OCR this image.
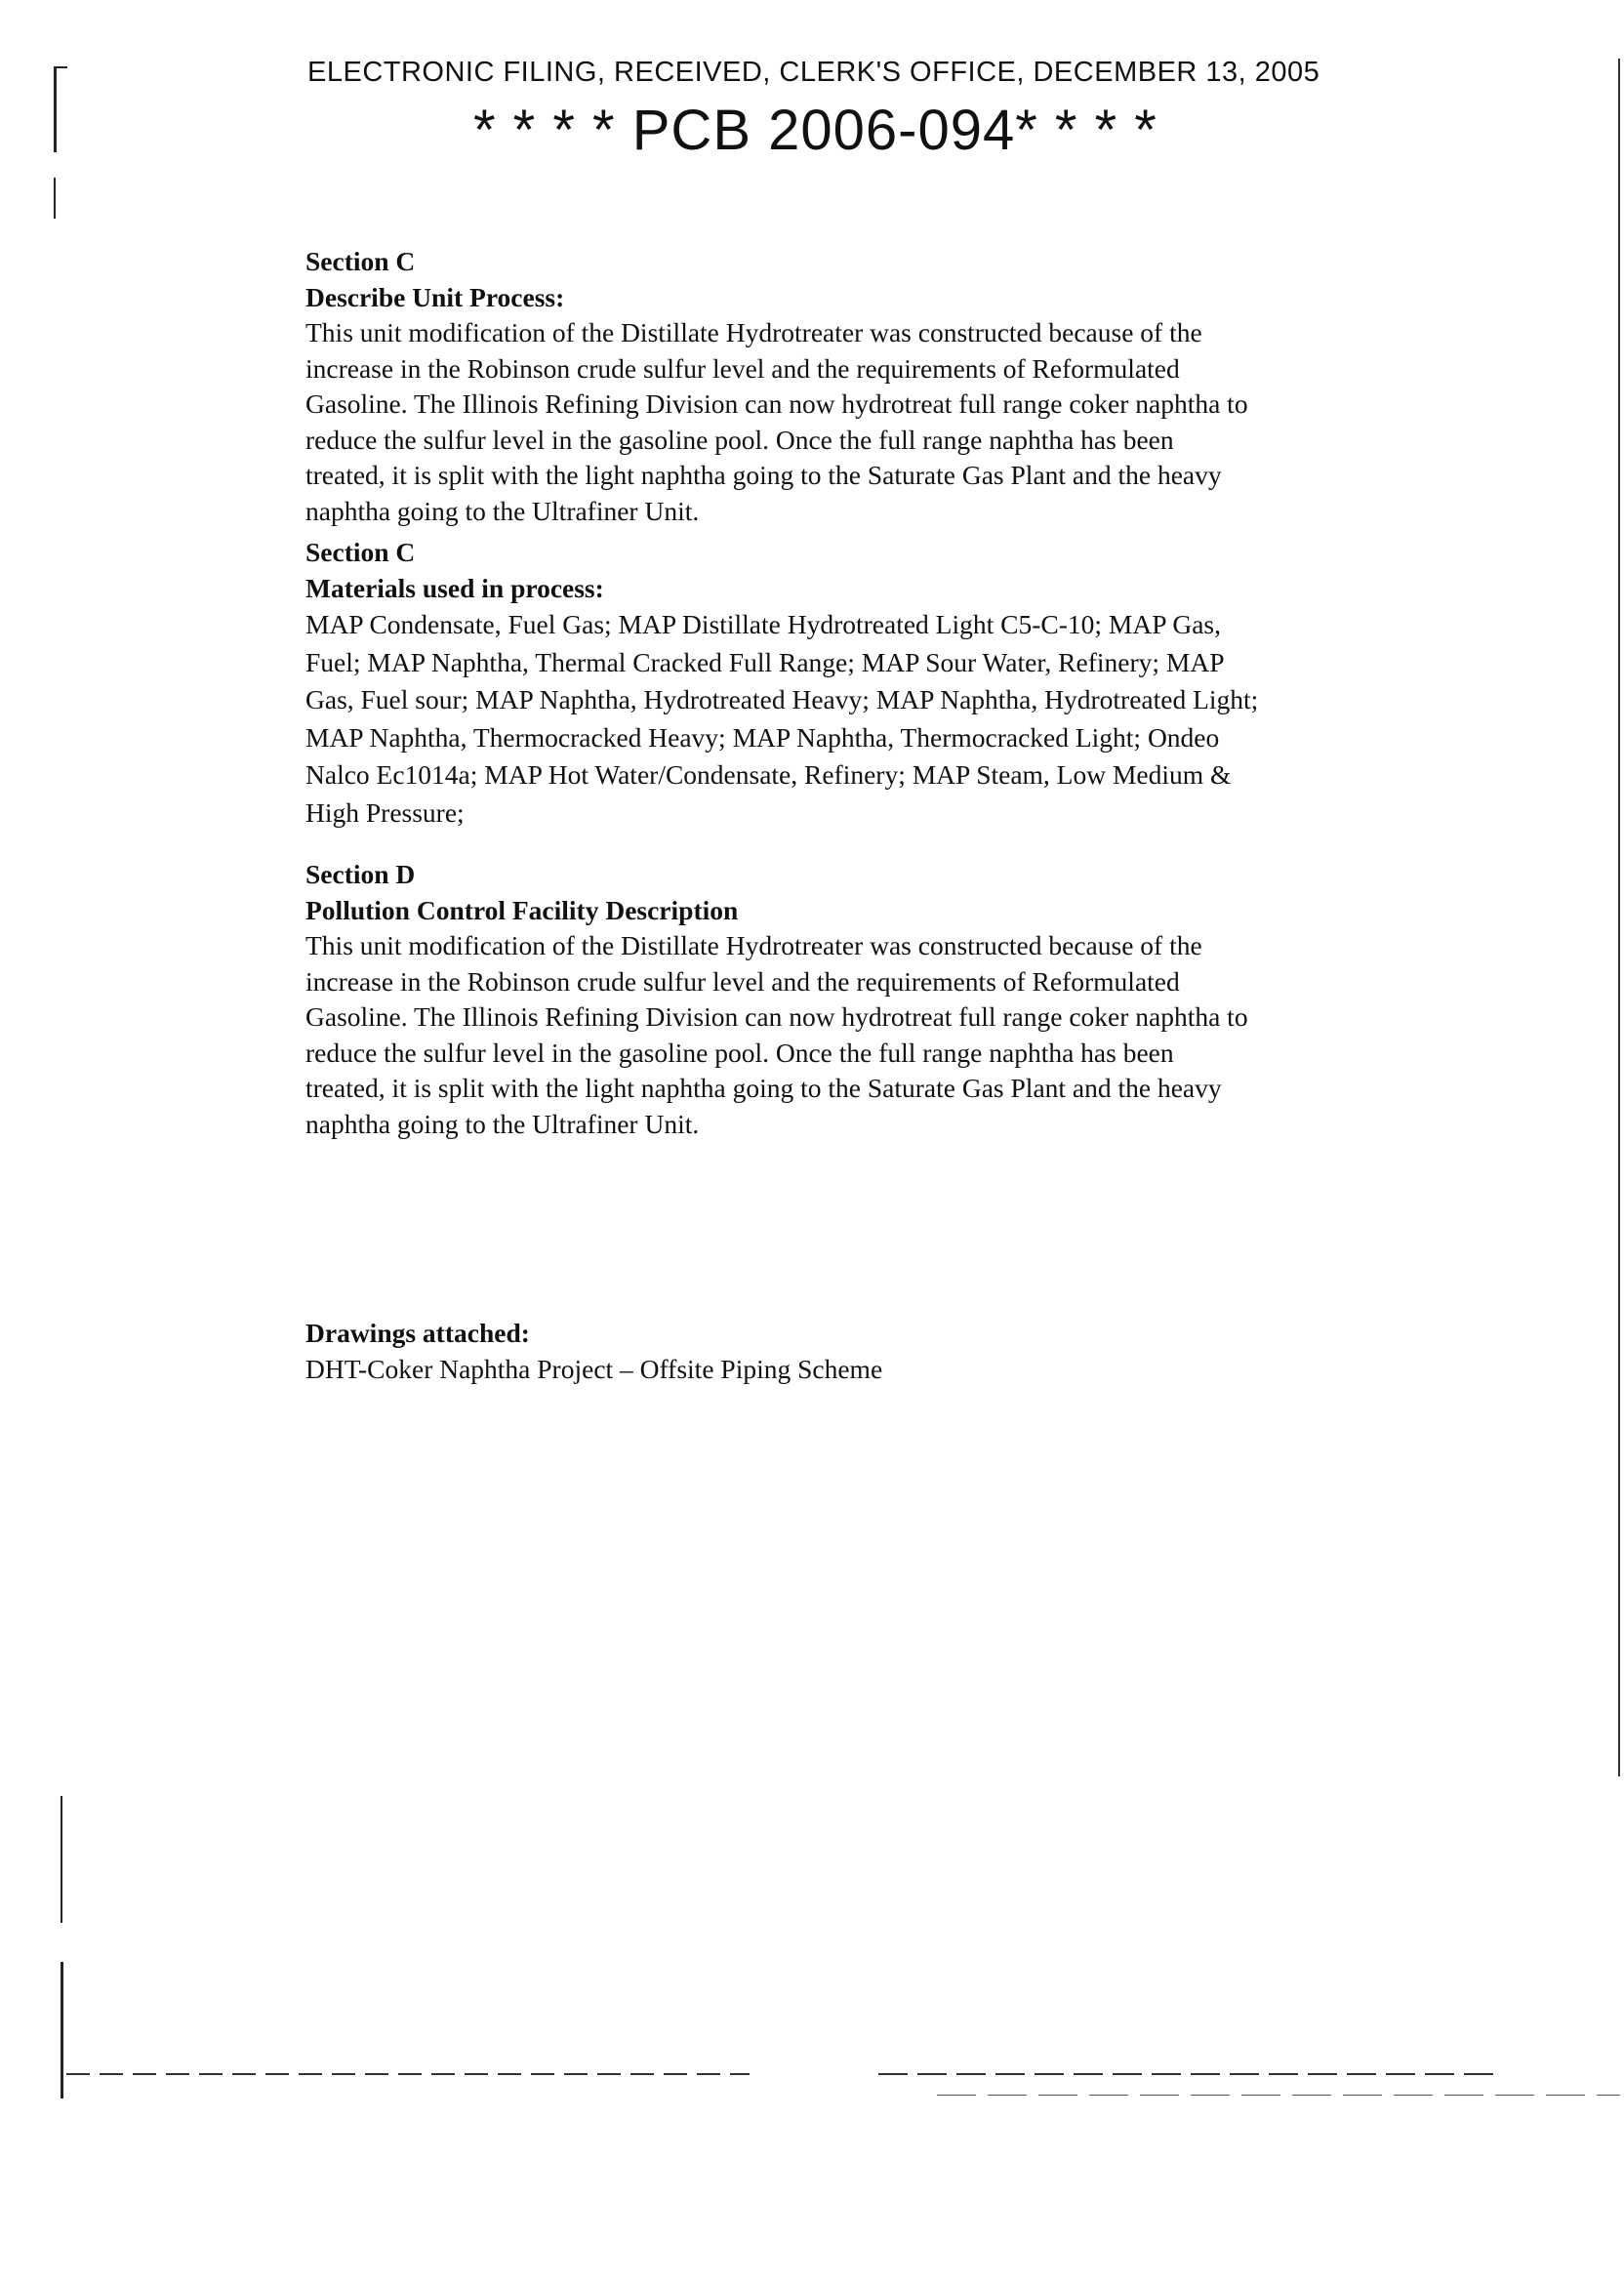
ELECTRONIC FILING, RECEIVED, CLERK'S OFFICE, DECEMBER 13, 2005
* * * * PCB 2006-094* * * *

Section C

Describe Unit Process:

This unit modification of the Distillate Hydrotreater was constructed because of the
increase in the Robinson crude sulfur level and the requirements of Reformulated
Gasoline. The Illinois Refining Division can now hydrotreat full range coker naphtha to
reduce the sulfur level in the gasoline pool. Once the full range naphtha has been
treated, it is split with the light naphtha going to the Saturate Gas Plant and the heavy
naphtha going to the Ultrafiner Unit.

Section C

Materials used in process:

MAP Condensate, Fuel Gas; MAP Distillate Hydrotreated Light C5-C-10; MAP Gas,
Fuel; MAP Naphtha, Thermal Cracked Full Range; MAP Sour Water, Refinery; MAP
Gas, Fuel sour; MAP Naphtha, Hydrotreated Heavy; MAP Naphtha, Hydrotreated Light;
MAP Naphtha, Thermocracked Heavy; MAP Naphtha, Thermocracked Light; Ondeo
Nalco Ec1014a; MAP Hot Water/Condensate, Refinery; MAP Steam, Low Medium &
High Pressure;

Section D

Pollution Control Facility Description

This unit modification of the Distillate Hydrotreater was constructed because of the
increase in the Robinson crude sulfur level and the requirements of Reformulated
Gasoline. The Illinois Refining Division can now hydrotreat full range coker naphtha to
reduce the sulfur level in the gasoline pool. Once the full range naphtha has been
treated, it is split with the light naphtha going to the Saturate Gas Plant and the heavy
naphtha going to the Ultrafiner Unit.

Drawings attached:

DHT-Coker Naphtha Project – Offsite Piping Scheme
